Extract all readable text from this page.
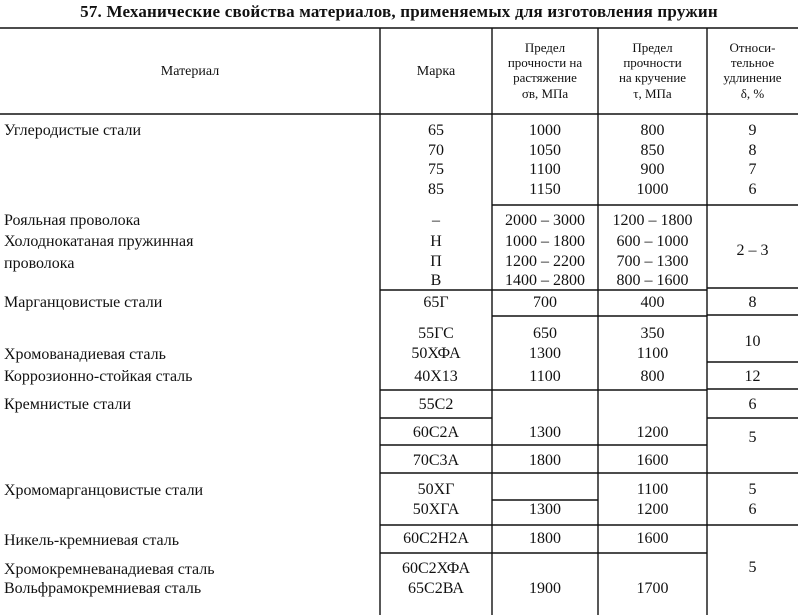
57. Механические свойства материалов, применяемых для изготовления пружин
Материал	Марка
Предел
прочности на
растяжение
σв, МПа
Предел
прочности
на кручение
τ, МПа
Относи-
тельное
удлинение
δ, %
Углеродистые стали
Рояльная проволока
Холоднокатаная пружинная
проволока
Марганцовистые стали
Хромованадиевая сталь
Коррозионно-стойкая сталь
Кремнистые стали
Хромомарганцовистые стали
Никель-кремниевая сталь
Хромокремневанадиевая сталь
Вольфрамокремниевая сталь
65
70
75
85
–
Н
П
В
65Г
55ГС
50ХФА
40Х13
55С2
60С2А
70С3А
50ХГ
50ХГА
60С2Н2А
60С2ХФА
65С2ВА
1000
1050
1100
1150
2000 – 3000
1000 – 1800
1200 – 2200
1400 – 2800
700
650
1300
1100
1300
1800
1300
1800
1900
800
850
900
1000
1200 – 1800
600 – 1000
700 – 1300
800 – 1600
400
350
1100
800
1200
1600
1100
1200
1600
1700
9
8
7
6
2 – 3
8
10
12
6
5
5
6
5
